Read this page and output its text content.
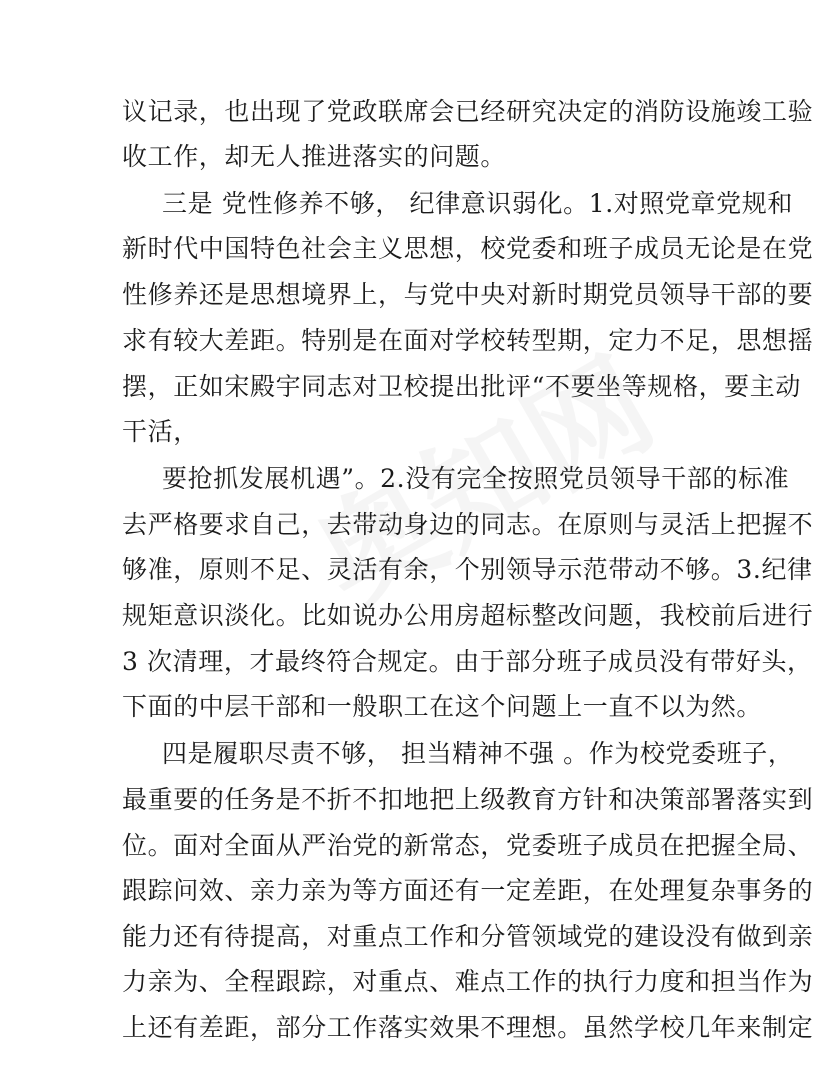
议记录，也出现了党政联席会已经研究决定的消防设施竣工验
收工作，却无人推进落实的问题。
三是 党性修养不够， 纪律意识弱化。1.对照党章党规和
新时代中国特色社会主义思想，校党委和班子成员无论是在党
性修养还是思想境界上，与党中央对新时期党员领导干部的要
求有较大差距。特别是在面对学校转型期，定力不足，思想摇
摆，正如宋殿宇同志对卫校提出批评“不要坐等规格，要主动
干活，
要抢抓发展机遇”。2.没有完全按照党员领导干部的标准
去严格要求自己，去带动身边的同志。在原则与灵活上把握不
够准，原则不足、灵活有余，个别领导示范带动不够。3.纪律
规矩意识淡化。比如说办公用房超标整改问题，我校前后进行
3 次清理，才最终符合规定。由于部分班子成员没有带好头，
下面的中层干部和一般职工在这个问题上一直不以为然。
四是履职尽责不够， 担当精神不强 。作为校党委班子，
最重要的任务是不折不扣地把上级教育方针和决策部署落实到
位。面对全面从严治党的新常态，党委班子成员在把握全局、
跟踪问效、亲力亲为等方面还有一定差距，在处理复杂事务的
能力还有待提高，对重点工作和分管领域党的建设没有做到亲
力亲为、全程跟踪，对重点、难点工作的执行力度和担当作为
上还有差距，部分工作落实效果不理想。虽然学校几年来制定
